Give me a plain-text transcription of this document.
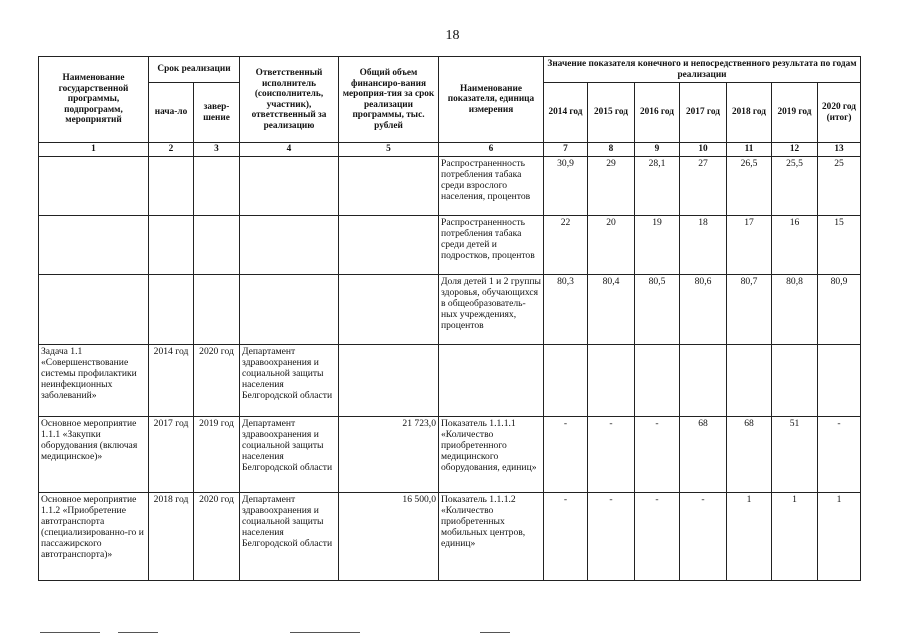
18
Наименование государственной программы, подпрограмм, мероприятий	Срок реализации		Ответственный исполнитель (соисполнитель, участник), ответственный за реализацию	Общий объем финансиро-вания мероприя-тия за срок реализации программы, тыс. рублей	Наименование показателя, единица измерения	Значение показателя конечного и непосредственного результата по годам реализации						
	нача-ло	завер-шение				2014 год	2015 год	2016 год	2017 год	2018 год	2019 год	2020 год (итог)
1	2	3	4	5	6	7	8	9	10	11	12	13
					Распространенность потребления табака среди взрослого населения, процентов	30,9	29	28,1	27	26,5	25,5	25
					Распространенность потребления табака среди детей и подростков, процентов	22	20	19	18	17	16	15
					Доля детей 1 и 2 группы здоровья, обучающихся в общеобразователь-ных учреждениях, процентов	80,3	80,4	80,5	80,6	80,7	80,8	80,9
Задача 1.1 «Совершенствование системы профилактики неинфекционных заболеваний»	2014 год	2020 год	Департамент здравоохранения и социальной защиты населения Белгородской области									
Основное мероприятие 1.1.1 «Закупки оборудования (включая медицинское)»	2017 год	2019 год	Департамент здравоохранения и социальной защиты населения Белгородской области	21 723,0	Показатель 1.1.1.1 «Количество приобретенного медицинского оборудования, единиц»	-	-	-	68	68	51	-
Основное мероприятие 1.1.2 «Приобретение автотранспорта (специализированно-го и пассажирского автотранспорта)»	2018 год	2020 год	Департамент здравоохранения и социальной защиты населения Белгородской области	16 500,0	Показатель 1.1.1.2 «Количество приобретенных мобильных центров, единиц»	-	-	-	-	1	1	1
